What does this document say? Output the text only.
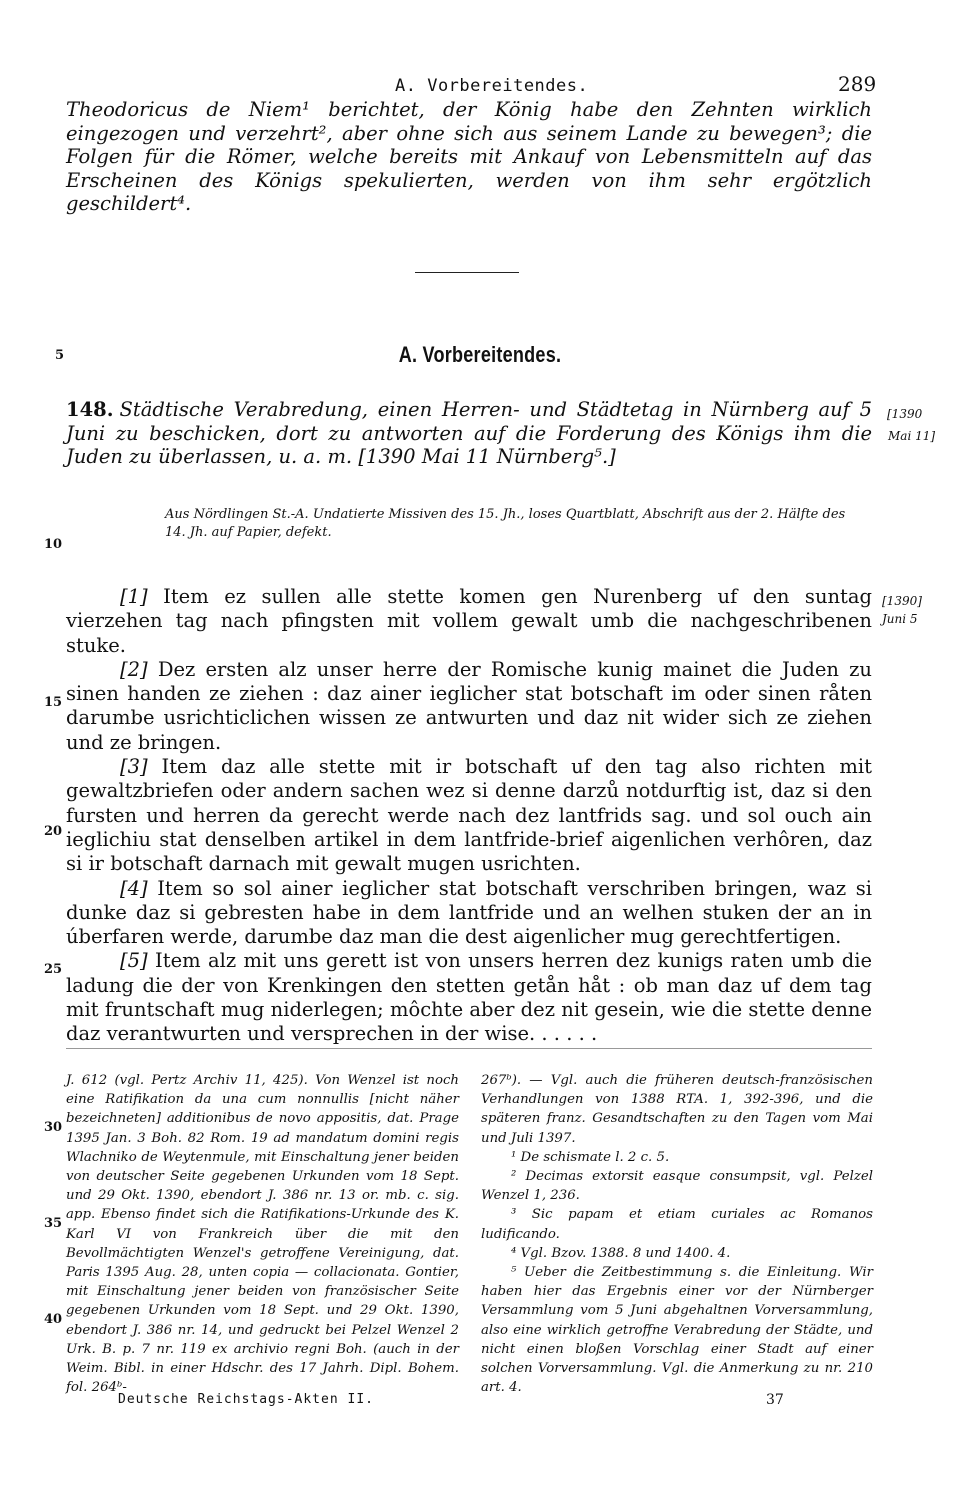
A. Vorbereitendes.	289

Theodoricus de Niem¹ berichtet, der König habe den Zehnten wirklich eingezogen und verzehrt², aber ohne sich aus seinem Lande zu bewegen³; die Folgen für die Römer, welche bereits mit Ankauf von Lebensmitteln auf das Erscheinen des Königs spekulierten, werden von ihm sehr ergötzlich geschildert⁴.

5	A. Vorbereitendes.

148. Städtische Verabredung, einen Herren- und Städtetag in Nürnberg auf 5 Juni zu beschicken, dort zu antworten auf die Forderung des Königs ihm die Juden zu überlassen, u. a. m. [1390 Mai 11 Nürnberg⁵.]

[1390
Mai 11]

Aus Nördlingen St.-A. Undatierte Missiven des 15. Jh., loses Quartblatt, Abschrift aus der 2. Hälfte des

14. Jh. auf Papier, defekt.

10

[1] Item ez sullen alle stette komen gen Nurenberg uf den suntag vierzehen tag nach pfingsten mit vollem gewalt umb die nachgeschribenen stuke.

[2] Dez ersten alz unser herre der Romische kunig mainet die Juden zu sinen handen ze ziehen : daz ainer ieglicher stat botschaft im oder sinen råten darumbe usrichticlichen wissen ze antwurten und daz nit wider sich ze ziehen und ze bringen.

[3] Item daz alle stette mit ir botschaft uf den tag also richten mit gewaltzbriefen oder andern sachen wez si denne darzů notdurftig ist, daz si den fursten und herren da gerecht werde nach dez lantfrids sag. und sol ouch ain ieglichiu stat denselben artikel in dem lantfride-brief aigenlichen verhôren, daz si ir botschaft darnach mit gewalt mugen usrichten.

[4] Item so sol ainer ieglicher stat botschaft verschriben bringen, waz si dunke daz si gebresten habe in dem lantfride und an welhen stuken der an in úberfaren werde, darumbe daz man die dest aigenlicher mug gerechtfertigen.

[5] Item alz mit uns gerett ist von unsers herren dez kunigs raten umb die ladung die der von Krenkingen den stetten getån håt : ob man daz uf dem tag mit fruntschaft mug niderlegen; môchte aber dez nit gesein, wie die stette denne daz verantwurten und versprechen in der wise. . . . . .

[1390]
Juni 5
15
20
25
30
35
40

J. 612 (vgl. Pertz Archiv 11, 425). Von Wenzel ist noch eine Ratifikation da una cum nonnullis [nicht näher bezeichneten] additionibus de novo appositis, dat. Prage 1395 Jan. 3 Boh. 82 Rom. 19 ad mandatum domini regis Wlachniko de Weytenmule, mit Einschaltung jener beiden von deutscher Seite gegebenen Urkunden vom 18 Sept. und 29 Okt. 1390, ebendort J. 386 nr. 13 or. mb. c. sig. app. Ebenso findet sich die Ratifikations-Urkunde des K. Karl VI von Frankreich über die mit den Bevollmächtigten Wenzel's getroffene Vereinigung, dat. Paris 1395 Aug. 28, unten copia — collacionata. Gontier, mit Einschaltung jener beiden von französischer Seite gegebenen Urkunden vom 18 Sept. und 29 Okt. 1390, ebendort J. 386 nr. 14, und gedruckt bei Pelzel Wenzel 2 Urk. B. p. 7 nr. 119 ex archivio regni Boh. (auch in der Weim. Bibl. in einer Hdschr. des 17 Jahrh. Dipl. Bohem. fol. 264ᵇ-

267ᵇ). — Vgl. auch die früheren deutsch-französischen Verhandlungen von 1388 RTA. 1, 392-396, und die späteren franz. Gesandtschaften zu den Tagen vom Mai und Juli 1397.

¹ De schismate l. 2 c. 5.

² Decimas extorsit easque consumpsit, vgl. Pelzel Wenzel 1, 236.

³ Sic papam et etiam curiales ac Romanos ludificando.

⁴ Vgl. Bzov. 1388. 8 und 1400. 4.

⁵ Ueber die Zeitbestimmung s. die Einleitung. Wir haben hier das Ergebnis einer vor der Nürnberger Versammlung vom 5 Juni abgehaltnen Vorversammlung, also eine wirklich getroffne Verabredung der Städte, und nicht einen bloßen Vorschlag einer Stadt auf einer solchen Vorversammlung. Vgl. die Anmerkung zu nr. 210 art. 4.

Deutsche Reichstags-Akten II.	37
